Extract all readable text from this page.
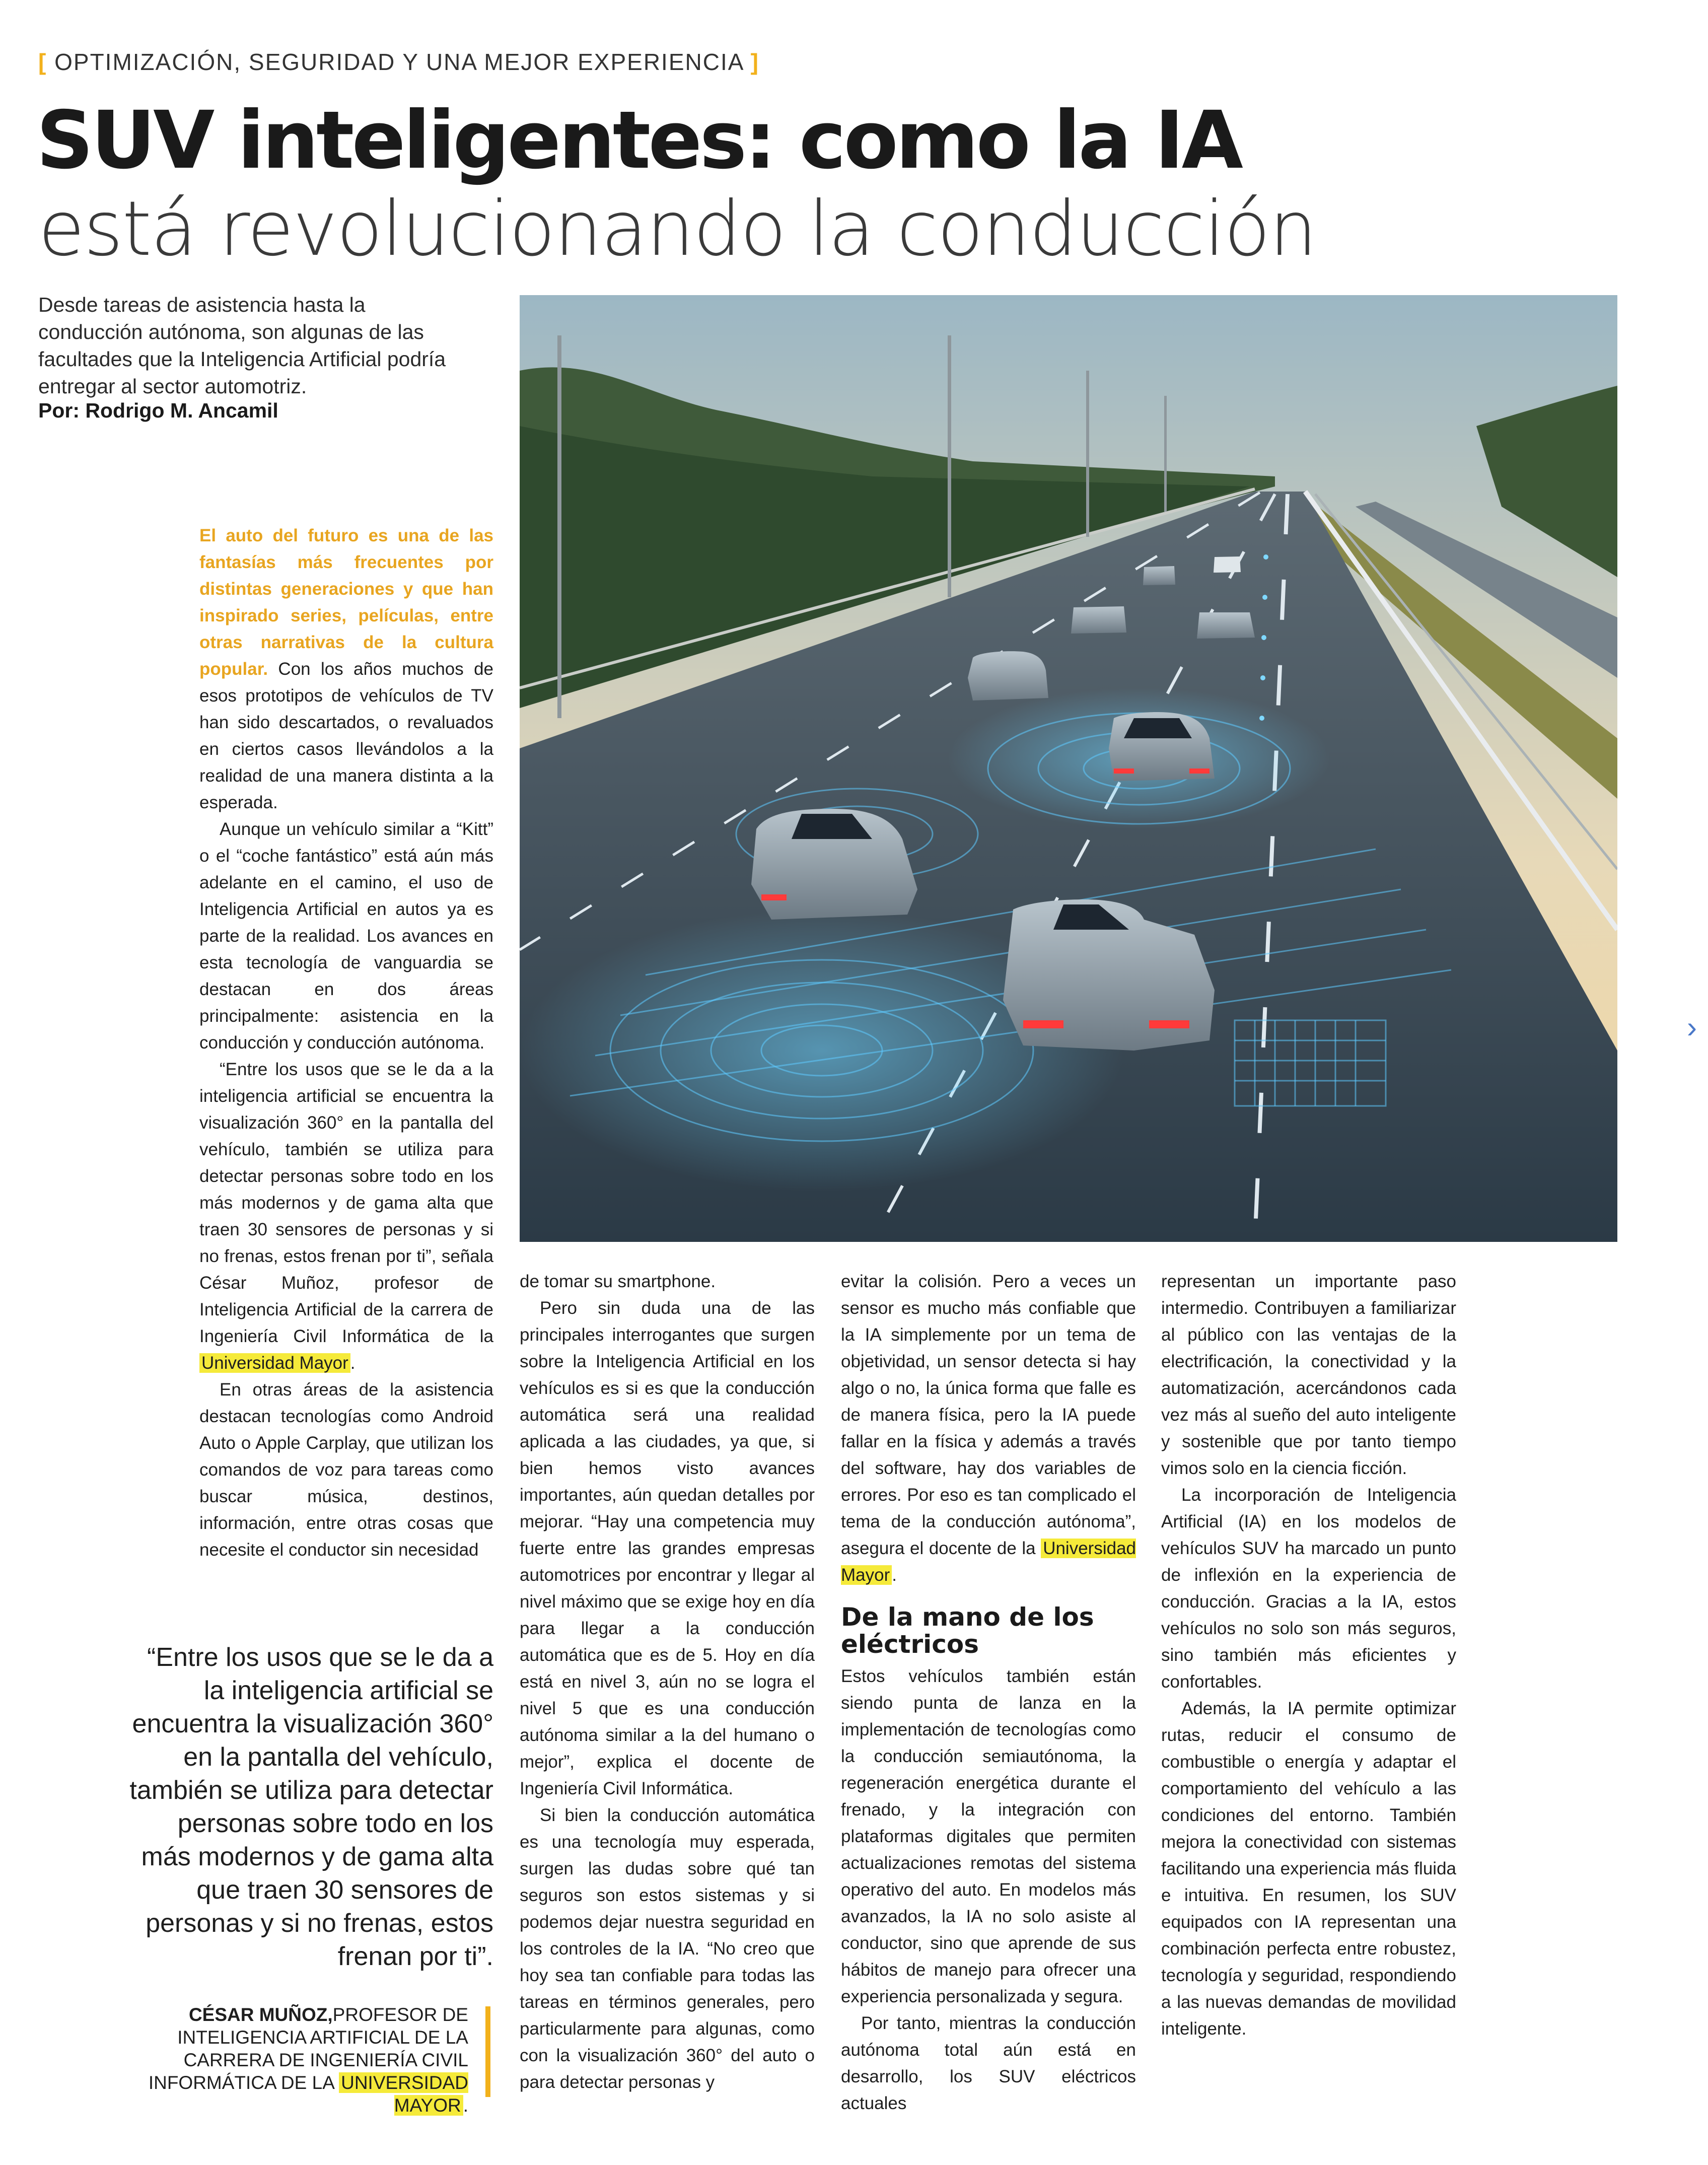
[ OPTIMIZACIÓN, SEGURIDAD Y UNA MEJOR EXPERIENCIA ]
SUV inteligentes: como la IA
está revolucionando la conducción
Desde tareas de asistencia hasta la conducción autónoma, son algunas de las facultades que la Inteligencia Artificial podría entregar al sector automotriz.
Por: Rodrigo M. Ancamil

El auto del futuro es una de las fantasías más frecuentes por distintas generaciones y que han inspirado series, películas, entre otras narrativas de la cultura popular. Con los años muchos de esos prototipos de vehículos de TV han sido descartados, o revaluados en ciertos casos llevándolos a la realidad de una manera distinta a la esperada.

Aunque un vehículo similar a “Kitt” o el “coche fantástico” está aún más adelante en el camino, el uso de Inteligencia Artificial en autos ya es parte de la realidad. Los avances en esta tecnología de vanguardia se destacan en dos áreas principalmente: asistencia en la conducción y conducción autónoma.

“Entre los usos que se le da a la inteligencia artificial se encuentra la visualización 360° en la pantalla del vehículo, también se utiliza para detectar personas sobre todo en los más modernos y de gama alta que traen 30 sensores de personas y si no frenas, estos frenan por ti”, señala César Muñoz, profesor de Inteligencia Artificial de la carrera de Ingeniería Civil Informática de la Universidad Mayor .

En otras áreas de la asistencia destacan tecnologías como Android Auto o Apple Carplay, que utilizan los comandos de voz para tareas como buscar música, destinos, información, entre otras cosas que necesite el conductor sin necesidad

de tomar su smartphone.

Pero sin duda una de las principales interrogantes que surgen sobre la Inteligencia Artificial en los vehículos es si es que la conducción automática será una realidad aplicada a las ciudades, ya que, si bien hemos visto avances importantes, aún quedan detalles por mejorar. “Hay una competencia muy fuerte entre las grandes empresas automotrices por encontrar y llegar al nivel máximo que se exige hoy en día para llegar a la conducción automática que es de 5. Hoy en día está en nivel 3, aún no se logra el nivel 5 que es una conducción autónoma similar a la del humano o mejor”, explica el docente de Ingeniería Civil Informática.

Si bien la conducción automática es una tecnología muy esperada, surgen las dudas sobre qué tan seguros son estos sistemas y si podemos dejar nuestra seguridad en los controles de la IA. “No creo que hoy sea tan confiable para todas las tareas en términos generales, pero particularmente para algunas, como con la visualización 360° del auto o para detectar personas y

evitar la colisión. Pero a veces un sensor es mucho más confiable que la IA simplemente por un tema de objetividad, un sensor detecta si hay algo o no, la única forma que falle es de manera física, pero la IA puede fallar en la física y además a través del software, hay dos variables de errores. Por eso es tan complicado el tema de la conducción autónoma”, asegura el docente de la Universidad Mayor .

De la mano de los eléctricos

Estos vehículos también están siendo punta de lanza en la implementación de tecnologías como la conducción semiautónoma, la regeneración energética durante el frenado, y la integración con plataformas digitales que permiten actualizaciones remotas del sistema operativo del auto. En modelos más avanzados, la IA no solo asiste al conductor, sino que aprende de sus hábitos de manejo para ofrecer una experiencia personalizada y segura.

Por tanto, mientras la conducción autónoma total aún está en desarrollo, los SUV eléctricos actuales

representan un importante paso intermedio. Contribuyen a familiarizar al público con las ventajas de la electrificación, la conectividad y la automatización, acercándonos cada vez más al sueño del auto inteligente y sostenible que por tanto tiempo vimos solo en la ciencia ficción.

La incorporación de Inteligencia Artificial (IA) en los modelos de vehículos SUV ha marcado un punto de inflexión en la experiencia de conducción. Gracias a la IA, estos vehículos no solo son más seguros, sino también más eficientes y confortables.

Además, la IA permite optimizar rutas, reducir el consumo de combustible o energía y adaptar el comportamiento del vehículo a las condiciones del entorno. También mejora la conectividad con sistemas facilitando una experiencia más fluida e intuitiva. En resumen, los SUV equipados con IA representan una combinación perfecta entre robustez, tecnología y seguridad, respondiendo a las nuevas demandas de movilidad inteligente.

“Entre los usos que se le da a la inteligencia artificial se encuentra la visualización 360° en la pantalla del vehículo, también se utiliza para detectar personas sobre todo en los más modernos y de gama alta que traen 30 sensores de personas y si no frenas, estos frenan por ti”.
CÉSAR MUÑOZ,PROFESOR DE INTELIGENCIA ARTIFICIAL DE LA CARRERA DE INGENIERÍA CIVIL INFORMÁTICA DE LA UNIVERSIDAD MAYOR .
›
